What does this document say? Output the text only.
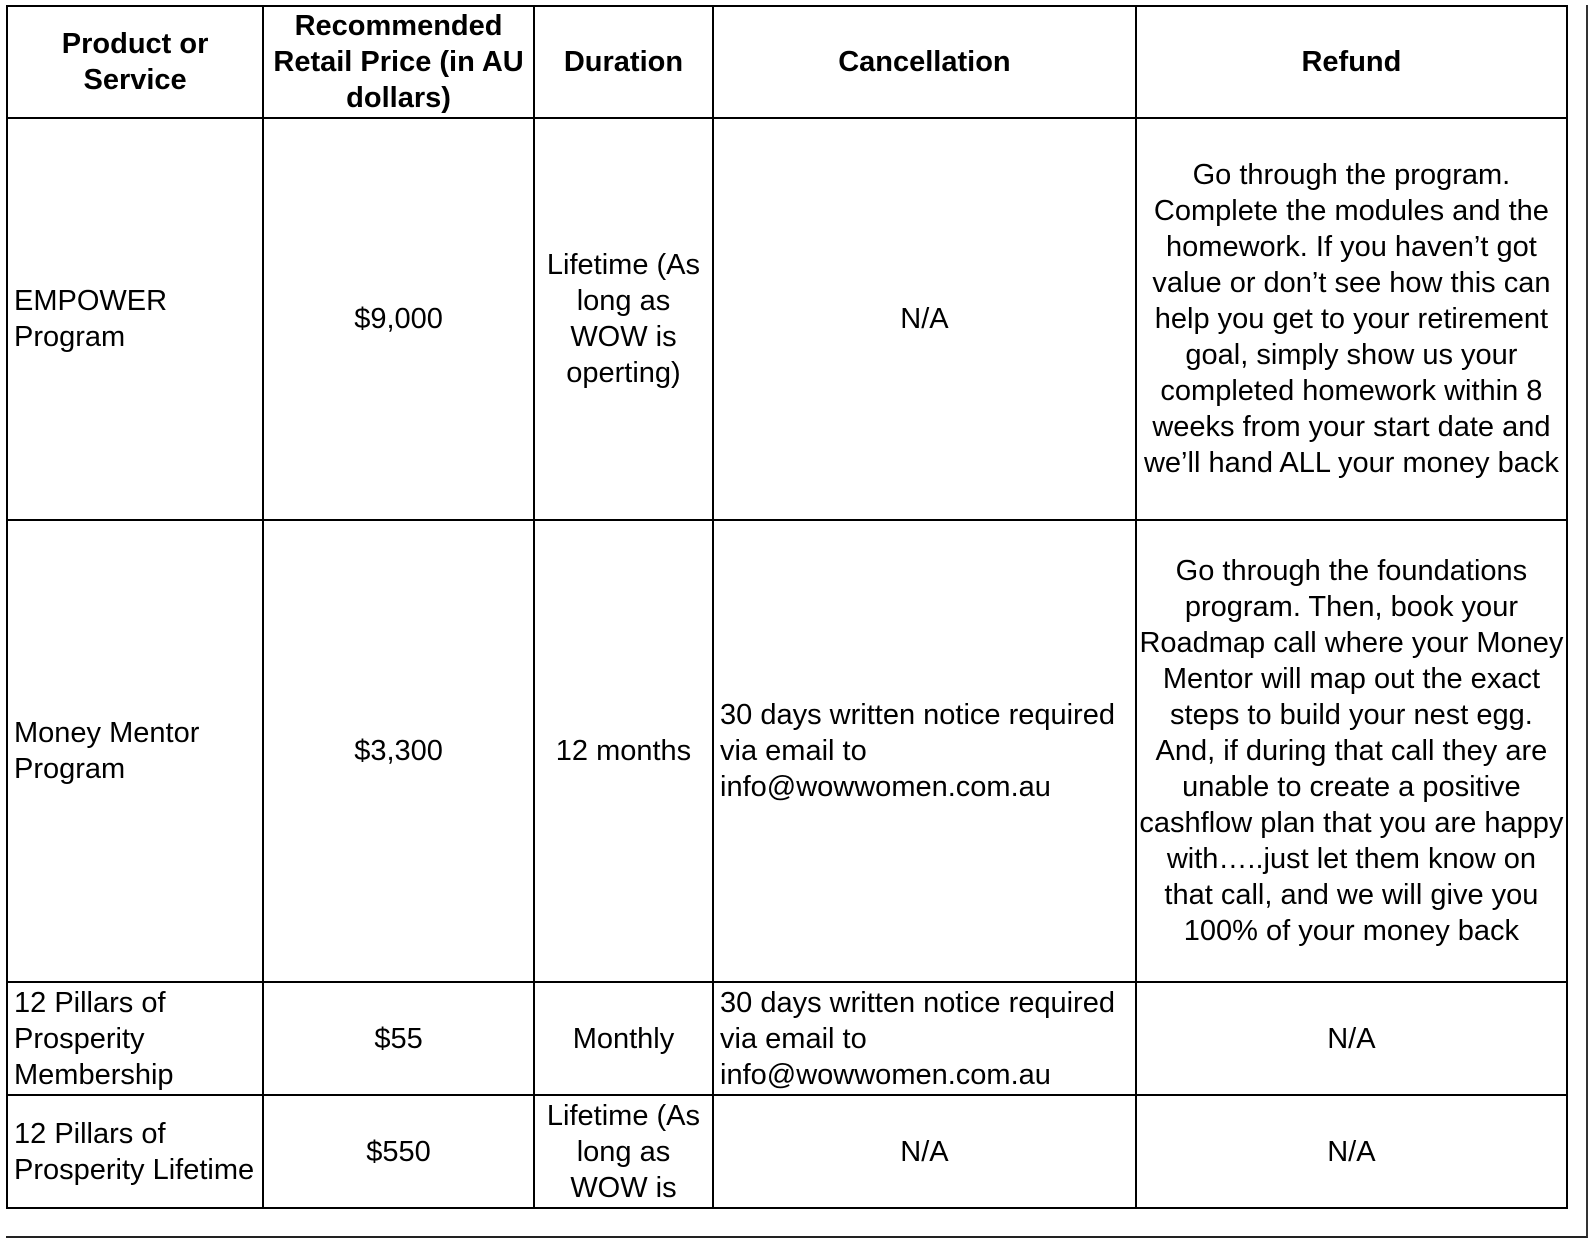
Product or Service	Recommended Retail Price (in AU dollars)	Duration	Cancellation	Refund
EMPOWER Program	$9,000	Lifetime (As long as WOW is operting)	N/A	Go through the program. Complete the modules and the homework. If you haven’t got value or don’t see how this can help you get to your retirement goal, simply show us your completed homework within 8 weeks from your start date and we’ll hand ALL your money back
Money Mentor Program	$3,300	12 months	30 days written notice required via email to info@wowwomen.com.au	Go through the foundations program. Then, book your Roadmap call where your Money Mentor will map out the exact steps to build your nest egg. And, if during that call they are unable to create a positive cashflow plan that you are happy with…..just let them know on that call, and we will give you 100% of your money back
12 Pillars of Prosperity Membership	$55	Monthly	30 days written notice required via email to info@wowwomen.com.au	N/A
12 Pillars of Prosperity Lifetime	$550	Lifetime (As long as WOW is	N/A	N/A
